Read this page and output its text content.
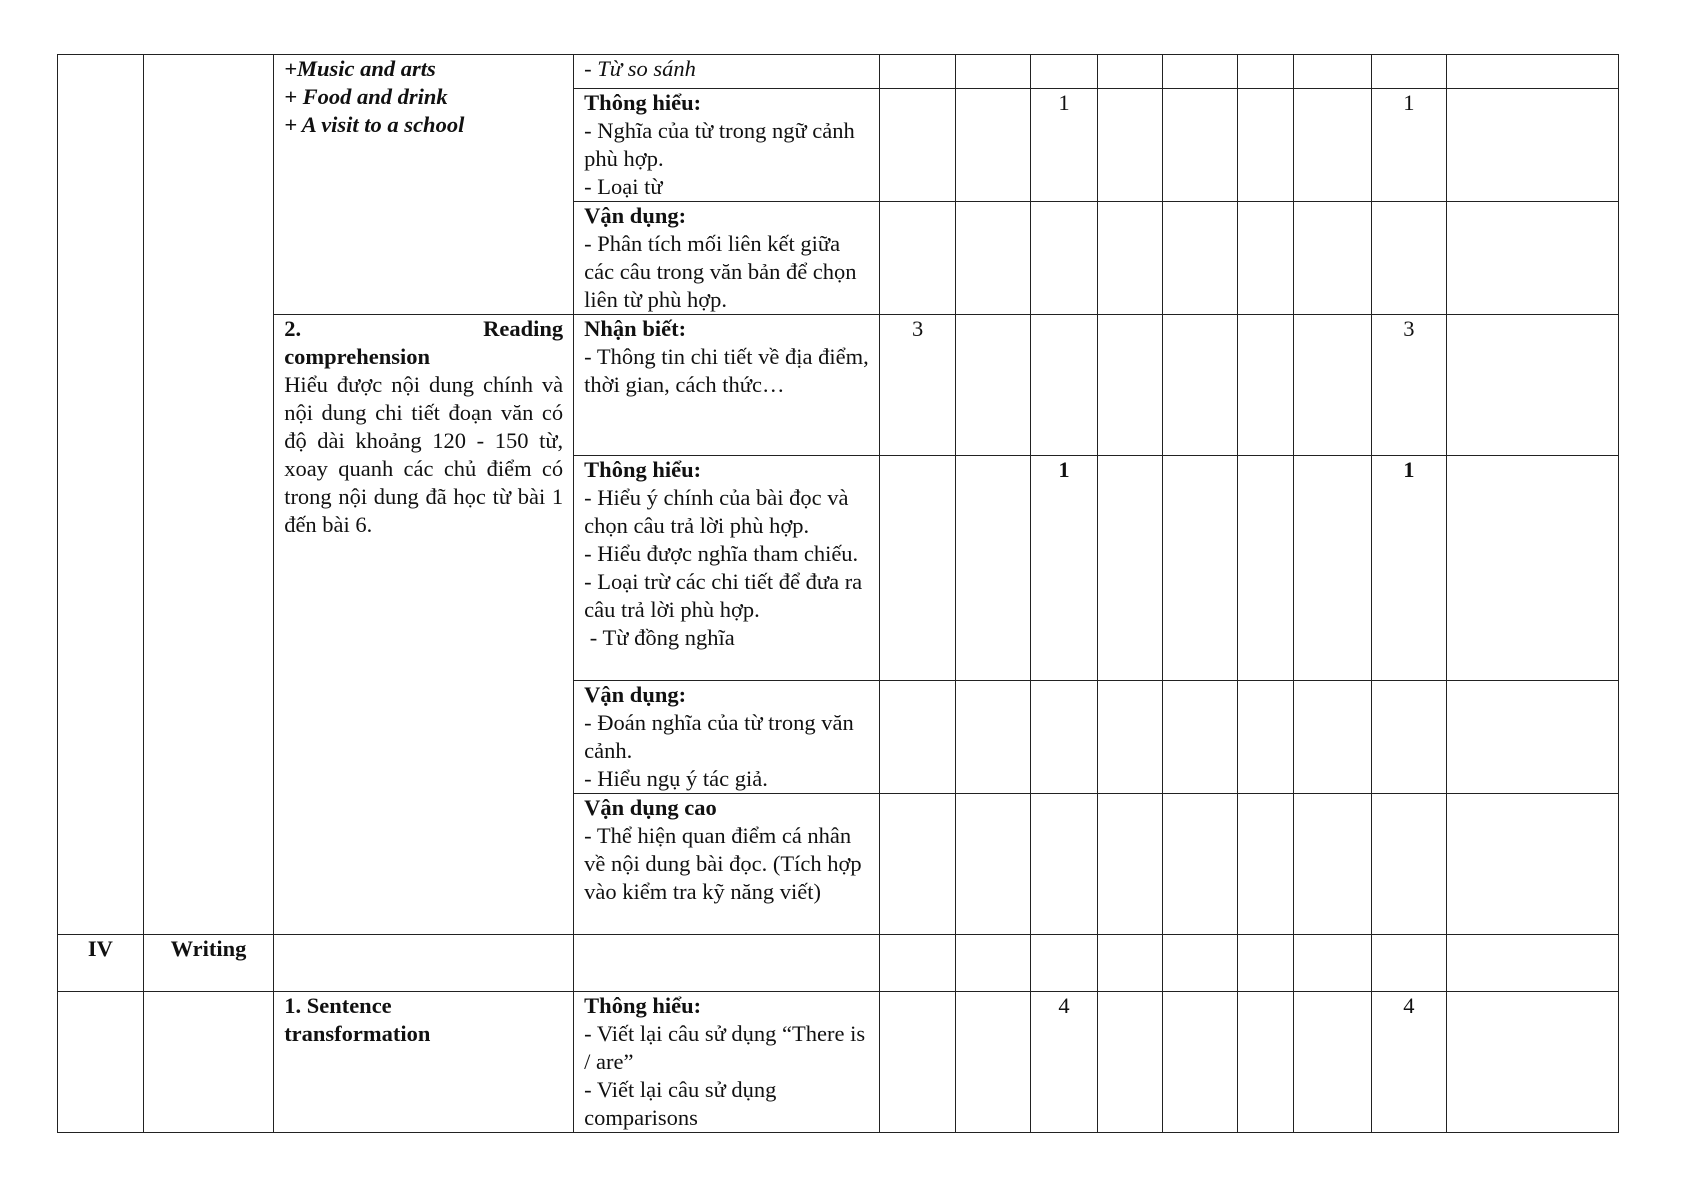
		+Music and arts
+ Food and drink
+ A visit to a school	- Từ so sánh									

			Thông hiểu:
- Nghĩa của từ trong ngữ cảnh phù hợp.
- Loại từ			1					1	

			Vận dụng:
- Phân tích mối liên kết giữa các câu trong văn bản để chọn liên từ phù hợp.									

		2. Reading
comprehension
Hiểu được nội dung chính và nội dung chi tiết đoạn văn có độ dài khoảng 120 - 150 từ, xoay quanh các chủ điểm có trong nội dung đã học từ bài 1 đến bài 6.	Nhận biết:
- Thông tin chi tiết về địa điểm, thời gian, cách thức…	3							3	

			Thông hiểu:
- Hiểu ý chính của bài đọc và chọn câu trả lời phù hợp.
- Hiểu được nghĩa tham chiếu.
- Loại trừ các chi tiết để đưa ra câu trả lời phù hợp.
- Từ đồng nghĩa			1					1	

			Vận dụng:
- Đoán nghĩa của từ trong văn cảnh.
- Hiểu ngụ ý tác giả.									

			Vận dụng cao
- Thể hiện quan điểm cá nhân về nội dung bài đọc. (Tích hợp vào kiểm tra kỹ năng viết)									

IV	Writing											

		1. Sentence
transformation	Thông hiểu:
- Viết lại câu sử dụng “There is / are”
- Viết lại câu sử dụng comparisons			4					4	
